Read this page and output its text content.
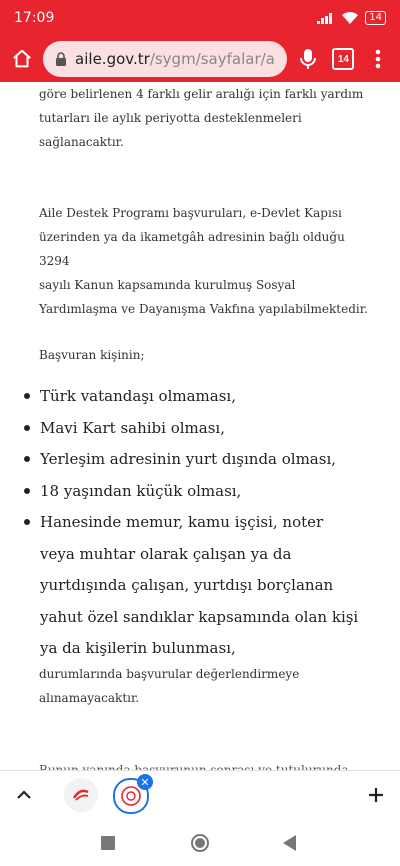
17:09	14
aile.gov.tr/sygm/sayfalar/a	14

göre belirlenen 4 farklı gelir aralığı için farklı yardım
tutarları ile aylık periyotta desteklenmeleri
sağlanacaktır.

Aile Destek Programı başvuruları, e-Devlet Kapısı
üzerinden ya da ikametgâh adresinin bağlı olduğu 3294
sayılı Kanun kapsamında kurulmuş Sosyal
Yardımlaşma ve Dayanışma Vakfına yapılabilmektedir.

Başvuran kişinin;

Türk vatandaşı olmaması,
Mavi Kart sahibi olması,
Yerleşim adresinin yurt dışında olması,
18 yaşından küçük olması,
Hanesinde memur, kamu işçisi, noter veya muhtar olarak çalışan ya da yurtdışında çalışan, yurtdışı borçlanan yahut özel sandıklar kapsamında olan kişi ya da kişilerin bulunması,

durumlarında başvurular değerlendirmeye
alınamayacaktır.

✕
